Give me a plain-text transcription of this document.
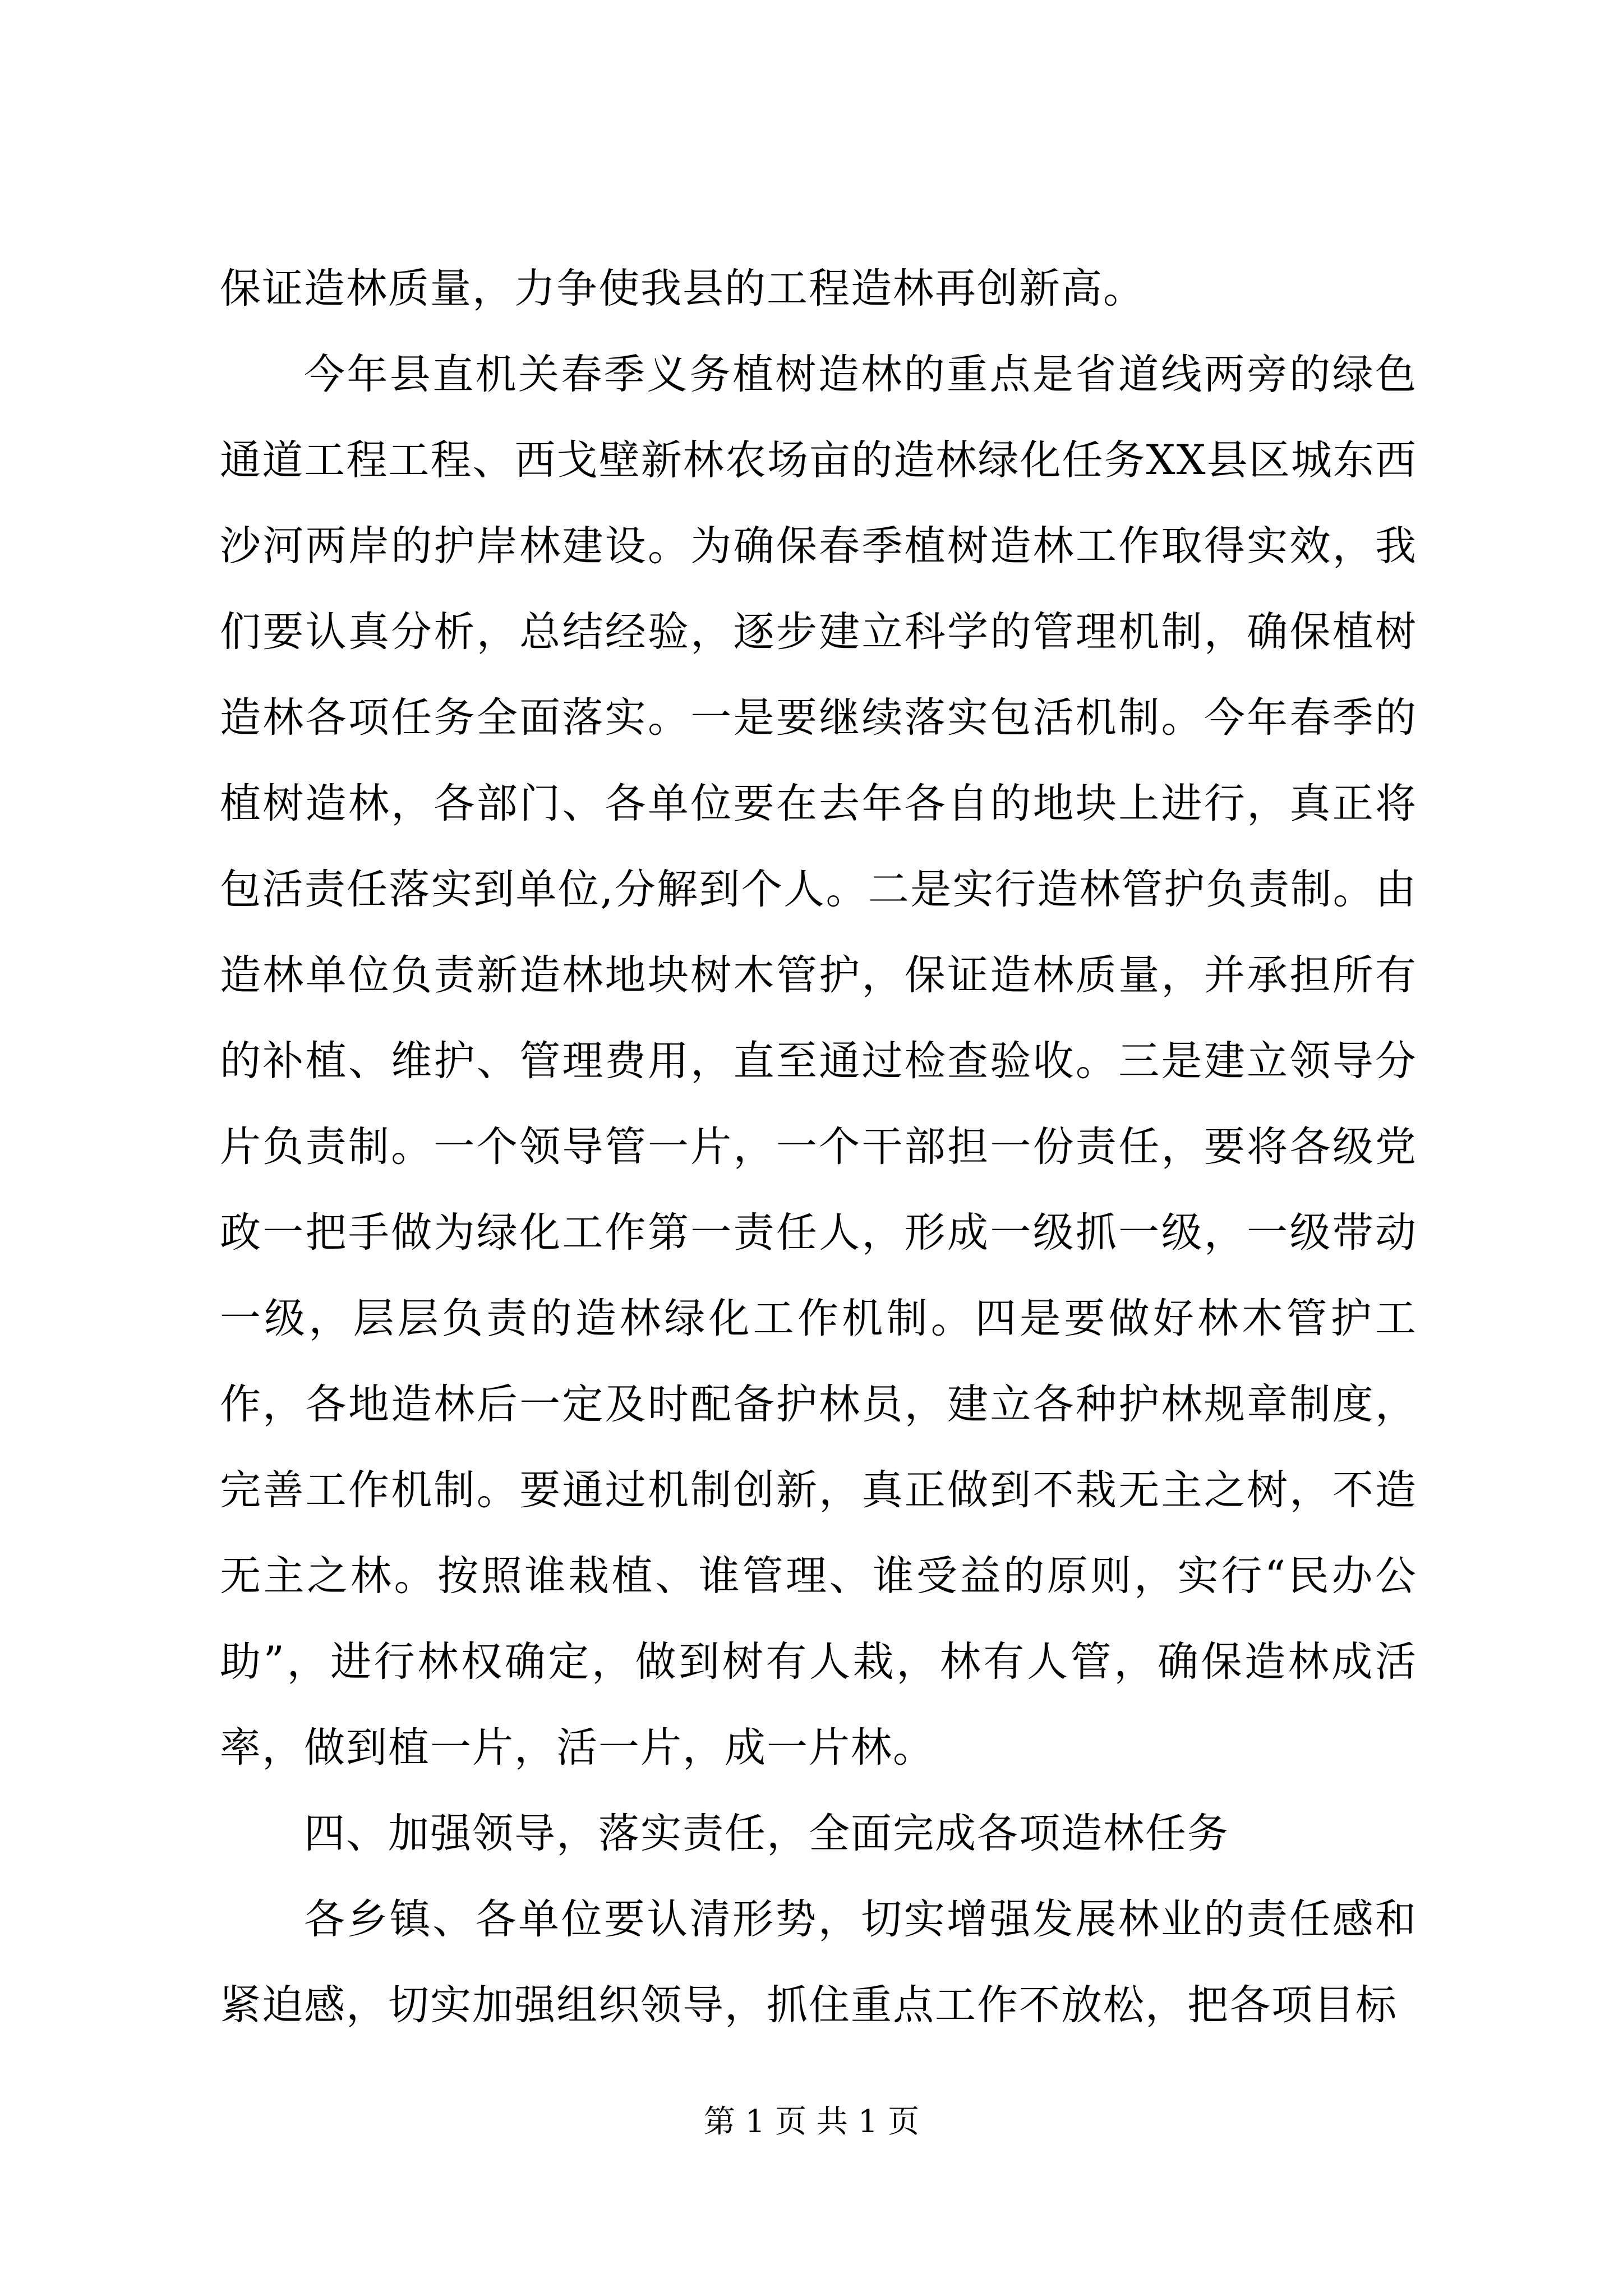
保证造林质量，力争使我县的工程造林再创新高。

今年县直机关春季义务植树造林的重点是省道线两旁的绿色通道工程工程、西戈壁新林农场亩的造林绿化任务XX县区城东西沙河两岸的护岸林建设。为确保春季植树造林工作取得实效，我们要认真分析，总结经验，逐步建立科学的管理机制，确保植树造林各项任务全面落实。一是要继续落实包活机制。今年春季的植树造林，各部门、各单位要在去年各自的地块上进行，真正将包活责任落实到单位,分解到个人。二是实行造林管护负责制。由造林单位负责新造林地块树木管护，保证造林质量，并承担所有的补植、维护、管理费用，直至通过检查验收。三是建立领导分片负责制。一个领导管一片，一个干部担一份责任，要将各级党政一把手做为绿化工作第一责任人，形成一级抓一级，一级带动一级，层层负责的造林绿化工作机制。四是要做好林木管护工作，各地造林后一定及时配备护林员，建立各种护林规章制度，完善工作机制。要通过机制创新，真正做到不栽无主之树，不造无主之林。按照谁栽植、谁管理、谁受益的原则，实行“民办公助”，进行林权确定，做到树有人栽，林有人管，确保造林成活率，做到植一片，活一片，成一片林。

四、加强领导，落实责任，全面完成各项造林任务

各乡镇、各单位要认清形势，切实增强发展林业的责任感和紧迫感，切实加强组织领导，抓住重点工作不放松，把各项目标

第 1 页 共 1 页
